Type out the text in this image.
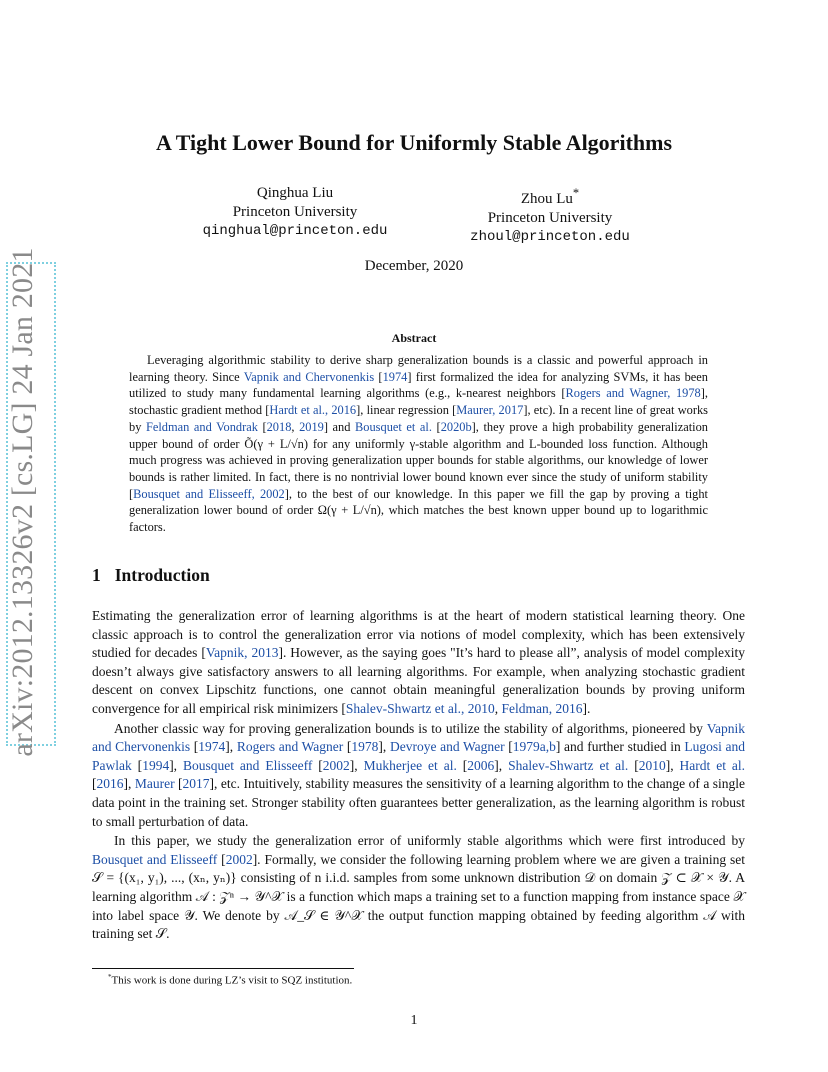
arXiv:2012.13326v2 [cs.LG] 24 Jan 2021
A Tight Lower Bound for Uniformly Stable Algorithms
Qinghua Liu
Princeton University
qinghual@princeton.edu
Zhou Lu*
Princeton University
zhoul@princeton.edu
December, 2020
Abstract
Leveraging algorithmic stability to derive sharp generalization bounds is a classic and powerful approach in learning theory. Since Vapnik and Chervonenkis [1974] first formalized the idea for analyzing SVMs, it has been utilized to study many fundamental learning algorithms (e.g., k-nearest neighbors [Rogers and Wagner, 1978], stochastic gradient method [Hardt et al., 2016], linear regression [Maurer, 2017], etc). In a recent line of great works by Feldman and Vondrak [2018, 2019] and Bousquet et al. [2020b], they prove a high probability generalization upper bound of order Õ(γ + L/√n) for any uniformly γ-stable algorithm and L-bounded loss function. Although much progress was achieved in proving generalization upper bounds for stable algorithms, our knowledge of lower bounds is rather limited. In fact, there is no nontrivial lower bound known ever since the study of uniform stability [Bousquet and Elisseeff, 2002], to the best of our knowledge. In this paper we fill the gap by proving a tight generalization lower bound of order Ω(γ + L/√n), which matches the best known upper bound up to logarithmic factors.
1 Introduction

Estimating the generalization error of learning algorithms is at the heart of modern statistical learning theory. One classic approach is to control the generalization error via notions of model complexity, which has been extensively studied for decades [Vapnik, 2013]. However, as the saying goes "It’s hard to please all”, analysis of model complexity doesn’t always give satisfactory answers to all learning algorithms. For example, when analyzing stochastic gradient descent on convex Lipschitz functions, one cannot obtain meaningful generalization bounds by proving uniform convergence for all empirical risk minimizers [Shalev-Shwartz et al., 2010, Feldman, 2016].

Another classic way for proving generalization bounds is to utilize the stability of algorithms, pioneered by Vapnik and Chervonenkis [1974], Rogers and Wagner [1978], Devroye and Wagner [1979a,b] and further studied in Lugosi and Pawlak [1994], Bousquet and Elisseeff [2002], Mukherjee et al. [2006], Shalev-Shwartz et al. [2010], Hardt et al. [2016], Maurer [2017], etc. Intuitively, stability measures the sensitivity of a learning algorithm to the change of a single data point in the training set. Stronger stability often guarantees better generalization, as the learning algorithm is robust to small perturbation of data.

In this paper, we study the generalization error of uniformly stable algorithms which were first introduced by Bousquet and Elisseeff [2002]. Formally, we consider the following learning problem where we are given a training set 𝒮 = {(x₁, y₁), ..., (xₙ, yₙ)} consisting of n i.i.d. samples from some unknown distribution 𝒟 on domain 𝒵 ⊂ 𝒳 × 𝒴. A learning algorithm 𝒜 : 𝒵ⁿ → 𝒴^𝒳 is a function which maps a training set to a function mapping from instance space 𝒳 into label space 𝒴. We denote by 𝒜_𝒮 ∈ 𝒴^𝒳 the output function mapping obtained by feeding algorithm 𝒜 with training set 𝒮.

*This work is done during LZ’s visit to SQZ institution.
1
